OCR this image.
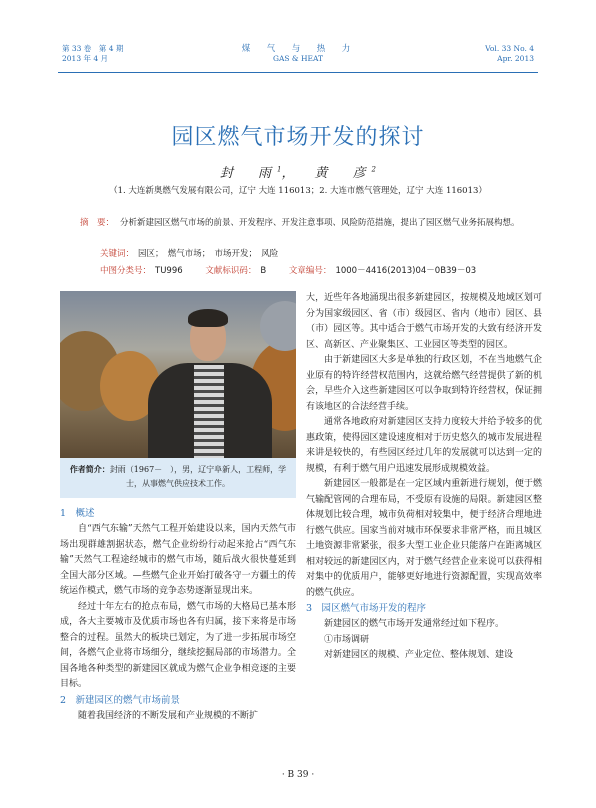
第 33 卷　第 4 期
2013 年 4 月
煤　气　与　热　力
GAS & HEAT
Vol. 33 No. 4
Apr. 2013
园区燃气市场开发的探讨
封　雨$^1$， 黄　彦$^2$
（1. 大连新奥燃气发展有限公司，辽宁 大连 116013；2. 大连市燃气管理处，辽宁 大连 116013）
摘　要： 分析新建园区燃气市场的前景、开发程序、开发注意事项、风险防范措施，提出了园区燃气业务拓展构想。
关键词： 园区；　燃气市场；　市场开发；　风险
中图分类号： TU996	文献标识码： B	文章编号： 1000－4416(2013)04－0B39－03
作者简介：封雨（1967－　），男，辽宁阜新人，工程师，学士，从事燃气供应技术工作。
1　概述

自“西气东输”天然气工程开始建设以来，国内天然气市场出现群雄割据状态，燃气企业纷纷行动起来抢占“西气东输”天然气工程途经城市的燃气市场，随后战火很快蔓延到全国大部分区域。—些燃气企业开始打破各守一方疆土的传统运作模式，燃气市场的竞争态势逐渐显现出来。

经过十年左右的抢点布局，燃气市场的大格局已基本形成，各大主要城市及优质市场也各有归属，接下来将是市场整合的过程。虽然大的板块已划定，为了进一步拓展市场空间，各燃气企业将市场细分，继续挖掘局部的市场潜力。全国各地各种类型的新建园区就成为燃气企业争相竞逐的主要目标。

2　新建园区的燃气市场前景

随着我国经济的不断发展和产业规模的不断扩

大，近些年各地涌现出很多新建园区，按规模及地域区划可分为国家级园区、省（市）级园区、省内（地市）园区、县（市）园区等。其中适合于燃气市场开发的大致有经济开发区、高新区、产业聚集区、工业园区等类型的园区。

由于新建园区大多是单独的行政区划，不在当地燃气企业原有的特许经营权范围内，这就给燃气经营提供了新的机会，早些介入这些新建园区可以争取到特许经营权，保证拥有该地区的合法经营手续。

通常各地政府对新建园区支持力度较大并给予较多的优惠政策，使得园区建设速度相对于历史悠久的城市发展进程来讲是较快的，有些园区经过几年的发展就可以达到一定的规模，有利于燃气用户迅速发展形成规模效益。

新建园区一般都是在一定区域内重新进行规划，便于燃气输配管网的合理布局，不受原有设施的局限。新建园区整体规划比较合理，城市负荷相对较集中，便于经济合理地进行燃气供应。国家当前对城市环保要求非常严格，而且城区土地资源非常紧张，很多大型工业企业只能落户在距离城区相对较远的新建园区内，对于燃气经营企业来说可以获得相对集中的优质用户，能够更好地进行资源配置，实现高效率的燃气供应。

3　园区燃气市场开发的程序

新建园区的燃气市场开发通常经过如下程序。

①市场调研

对新建园区的规模、产业定位、整体规划、建设

· B 39 ·
